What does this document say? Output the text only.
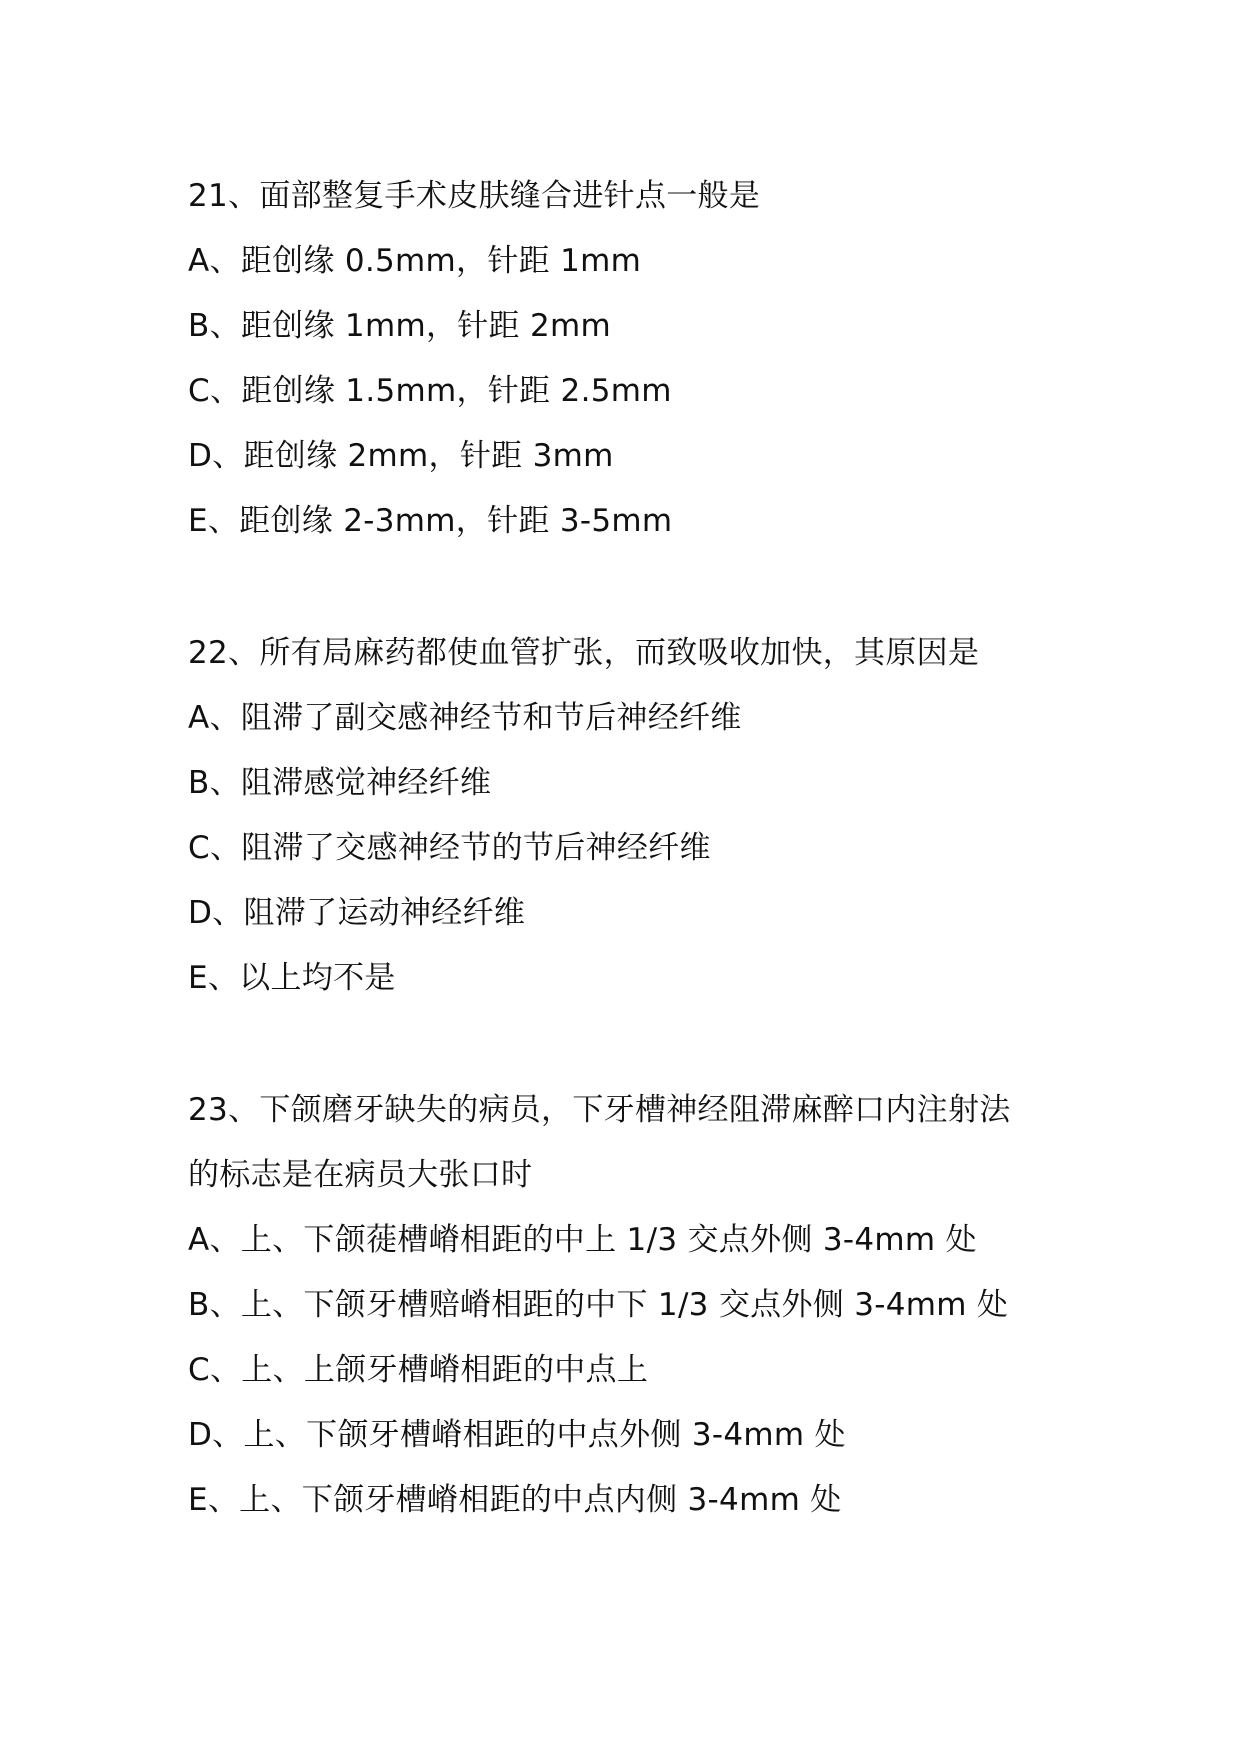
21、面部整复手术皮肤缝合进针点一般是
A、距创缘 0.5mm，针距 1mm
B、距创缘 1mm，针距 2mm
C、距创缘 1.5mm，针距 2.5mm
D、距创缘 2mm，针距 3mm
E、距创缘 2-3mm，针距 3-5mm
22、所有局麻药都使血管扩张，而致吸收加快，其原因是
A、阻滞了副交感神经节和节后神经纤维
B、阻滞感觉神经纤维
C、阻滞了交感神经节的节后神经纤维
D、阻滞了运动神经纤维
E、以上均不是
23、下颌磨牙缺失的病员，下牙槽神经阻滞麻醉口内注射法
的标志是在病员大张口时
A、上、下颌蓰槽嵴相距的中上 1/3 交点外侧 3-4mm 处
B、上、下颌牙槽赔嵴相距的中下 1/3 交点外侧 3-4mm 处
C、上、上颌牙槽嵴相距的中点上
D、上、下颌牙槽嵴相距的中点外侧 3-4mm 处
E、上、下颌牙槽嵴相距的中点内侧 3-4mm 处
